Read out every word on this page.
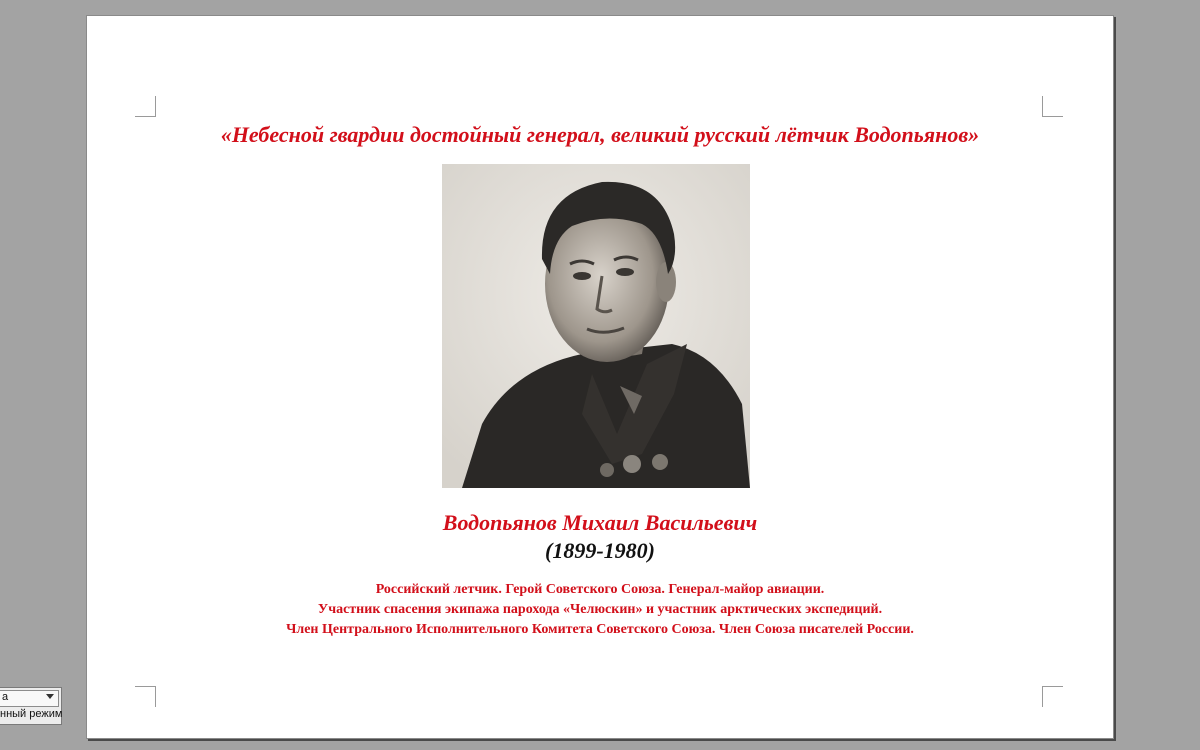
«Небесной гвардии достойный генерал, великий русский лётчик Водопьянов»
Водопьянов Михаил Васильевич
(1899-1980)
Российский летчик. Герой Советского Союза. Генерал-майор авиации.
Участник спасения экипажа парохода «Челюскин» и участник арктических экспедиций.
Член Центрального Исполнительного Комитета Советского Союза. Член Союза писателей России.
а
нный режим
